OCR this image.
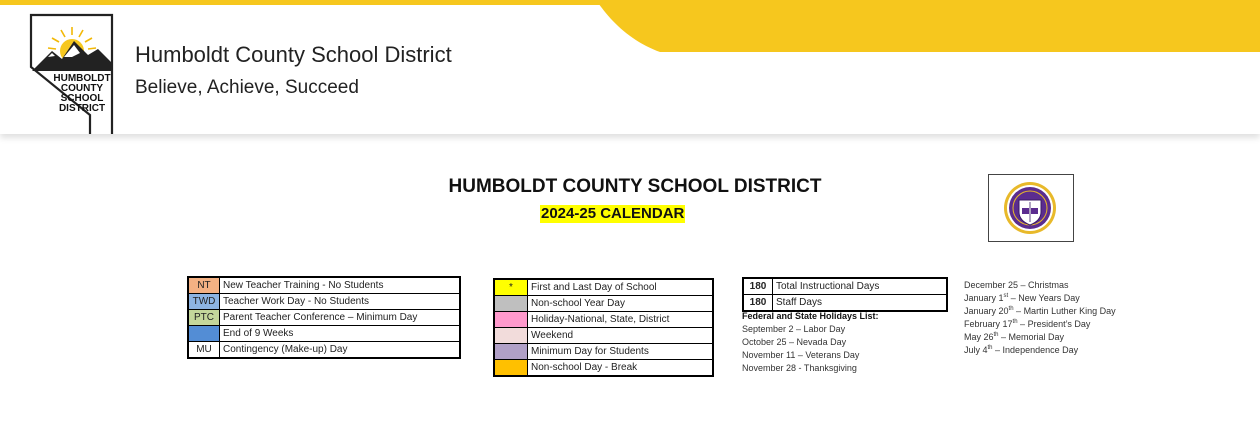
HUMBOLDT
COUNTY
SCHOOL
DISTRICT
Humboldt County School District
Believe, Achieve, Succeed
HUMBOLDT COUNTY SCHOOL DISTRICT
2024-25 CALENDAR
NT	New Teacher Training - No Students
TWD	Teacher Work Day - No Students
PTC	Parent Teacher Conference – Minimum Day
	End of 9 Weeks
MU	Contingency (Make-up) Day
*	First and Last Day of School
	Non-school Year Day
	Holiday-National, State, District
	Weekend
	Minimum Day for Students
	Non-school Day - Break
180	Total Instructional Days
180	Staff Days
Federal and State Holidays List:
September 2 – Labor Day
October 25 – Nevada Day
November 11 – Veterans Day
November 28 - Thanksgiving
December 25 – Christmas
January 1st – New Years Day
January 20th – Martin Luther King Day
February 17th – President’s Day
May 26th – Memorial Day
July 4th – Independence Day
